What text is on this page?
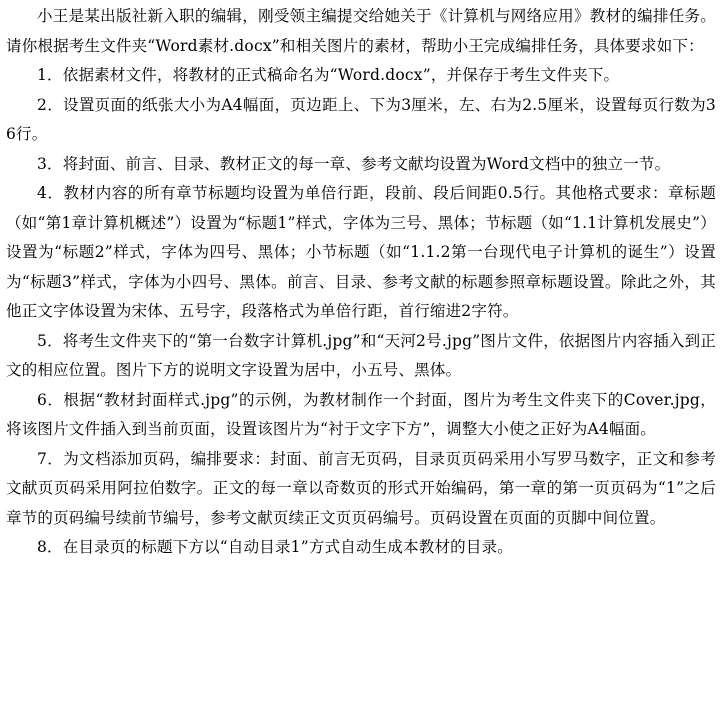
小王是某出版社新入职的编辑，刚受领主编提交给她关于《计算机与网络应用》教材的编排任务。请你根据考生文件夹“Word素材.docx”和相关图片的素材，帮助小王完成编排任务，具体要求如下：

1．依据素材文件，将教材的正式稿命名为“Word.docx”，并保存于考生文件夹下。

2．设置页面的纸张大小为A4幅面，页边距上、下为3厘米，左、右为2.5厘米，设置每页行数为36行。

3．将封面、前言、目录、教材正文的每一章、参考文献均设置为Word文档中的独立一节。

4．教材内容的所有章节标题均设置为单倍行距，段前、段后间距0.5行。其他格式要求：章标题（如“第1章计算机概述”）设置为“标题1”样式，字体为三号、黑体；节标题（如“1.1计算机发展史”）设置为“标题2”样式，字体为四号、黑体；小节标题（如“1.1.2第一台现代电子计算机的诞生”）设置为“标题3”样式，字体为小四号、黑体。前言、目录、参考文献的标题参照章标题设置。除此之外，其他正文字体设置为宋体、五号字，段落格式为单倍行距，首行缩进2字符。

5．将考生文件夹下的“第一台数字计算机.jpg”和“天河2号.jpg”图片文件，依据图片内容插入到正文的相应位置。图片下方的说明文字设置为居中，小五号、黑体。

6．根据“教材封面样式.jpg”的示例，为教材制作一个封面，图片为考生文件夹下的Cover.jpg，将该图片文件插入到当前页面，设置该图片为“衬于文字下方”，调整大小使之正好为A4幅面。

7．为文档添加页码，编排要求：封面、前言无页码，目录页页码采用小写罗马数字，正文和参考文献页页码采用阿拉伯数字。正文的每一章以奇数页的形式开始编码，第一章的第一页页码为“1”之后章节的页码编号续前节编号，参考文献页续正文页页码编号。页码设置在页面的页脚中间位置。

8．在目录页的标题下方以“自动目录1”方式自动生成本教材的目录。
